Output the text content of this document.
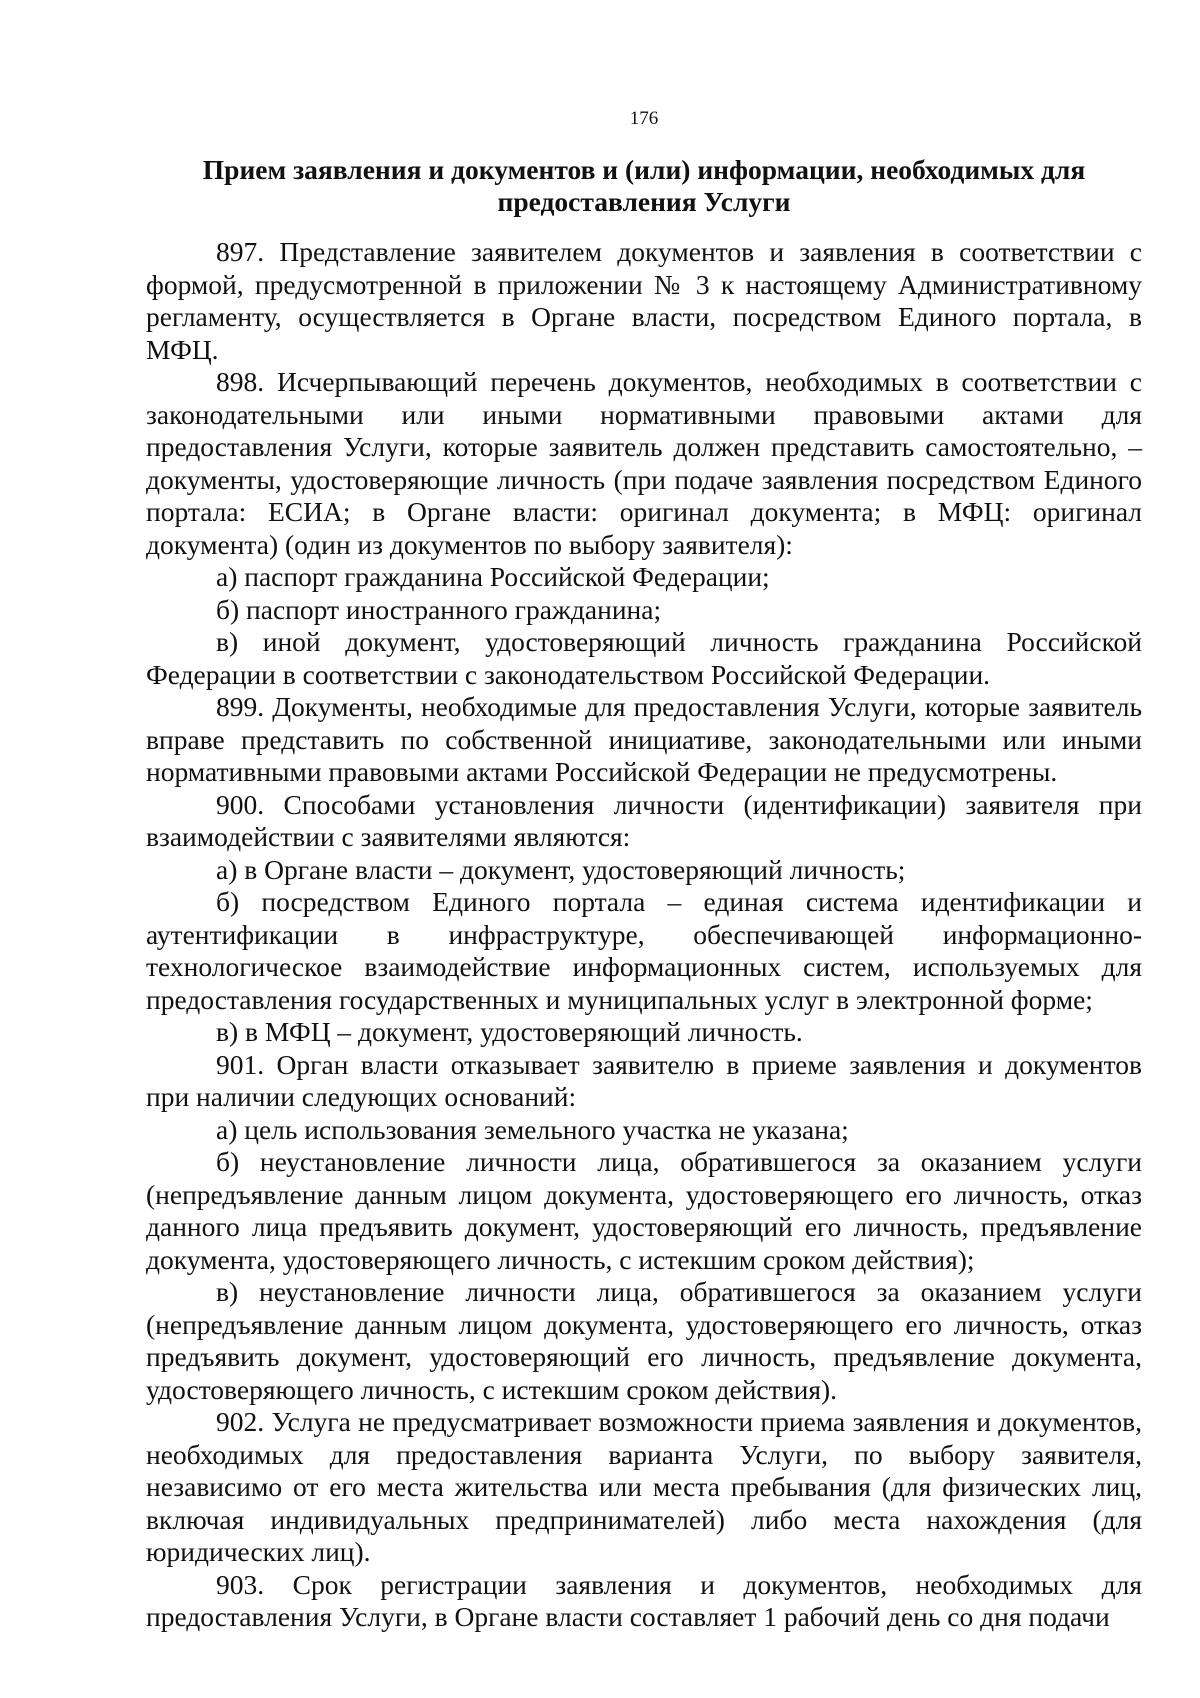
176
Прием заявления и документов и (или) информации, необходимых для предоставления Услуги

897. Представление заявителем документов и заявления в соответствии с формой, предусмотренной в приложении № 3 к настоящему Административному регламенту, осуществляется в Органе власти, посредством Единого портала, в МФЦ.

898. Исчерпывающий перечень документов, необходимых в соответствии с законодательными или иными нормативными правовыми актами для предоставления Услуги, которые заявитель должен представить самостоятельно, – документы, удостоверяющие личность (при подаче заявления посредством Единого портала: ЕСИА; в Органе власти: оригинал документа; в МФЦ: оригинал документа) (один из документов по выбору заявителя):

а) паспорт гражданина Российской Федерации;

б) паспорт иностранного гражданина;

в) иной документ, удостоверяющий личность гражданина Российской Федерации в соответствии с законодательством Российской Федерации.

899. Документы, необходимые для предоставления Услуги, которые заявитель вправе представить по собственной инициативе, законодательными или иными нормативными правовыми актами Российской Федерации не предусмотрены.

900. Способами установления личности (идентификации) заявителя при взаимодействии с заявителями являются:

а) в Органе власти – документ, удостоверяющий личность;

б) посредством Единого портала – единая система идентификации и аутентификации в инфраструктуре, обеспечивающей информационно-технологическое взаимодействие информационных систем, используемых для предоставления государственных и муниципальных услуг в электронной форме;

в) в МФЦ – документ, удостоверяющий личность.

901. Орган власти отказывает заявителю в приеме заявления и документов при наличии следующих оснований:

а) цель использования земельного участка не указана;

б) неустановление личности лица, обратившегося за оказанием услуги (непредъявление данным лицом документа, удостоверяющего его личность, отказ данного лица предъявить документ, удостоверяющий его личность, предъявление документа, удостоверяющего личность, с истекшим сроком действия);

в) неустановление личности лица, обратившегося за оказанием услуги (непредъявление данным лицом документа, удостоверяющего его личность, отказ предъявить документ, удостоверяющий его личность, предъявление документа, удостоверяющего личность, с истекшим сроком действия).

902. Услуга не предусматривает возможности приема заявления и документов, необходимых для предоставления варианта Услуги, по выбору заявителя, независимо от его места жительства или места пребывания (для физических лиц, включая индивидуальных предпринимателей) либо места нахождения (для юридических лиц).

903. Срок регистрации заявления и документов, необходимых для предоставления Услуги, в Органе власти составляет 1 рабочий день со дня подачи
